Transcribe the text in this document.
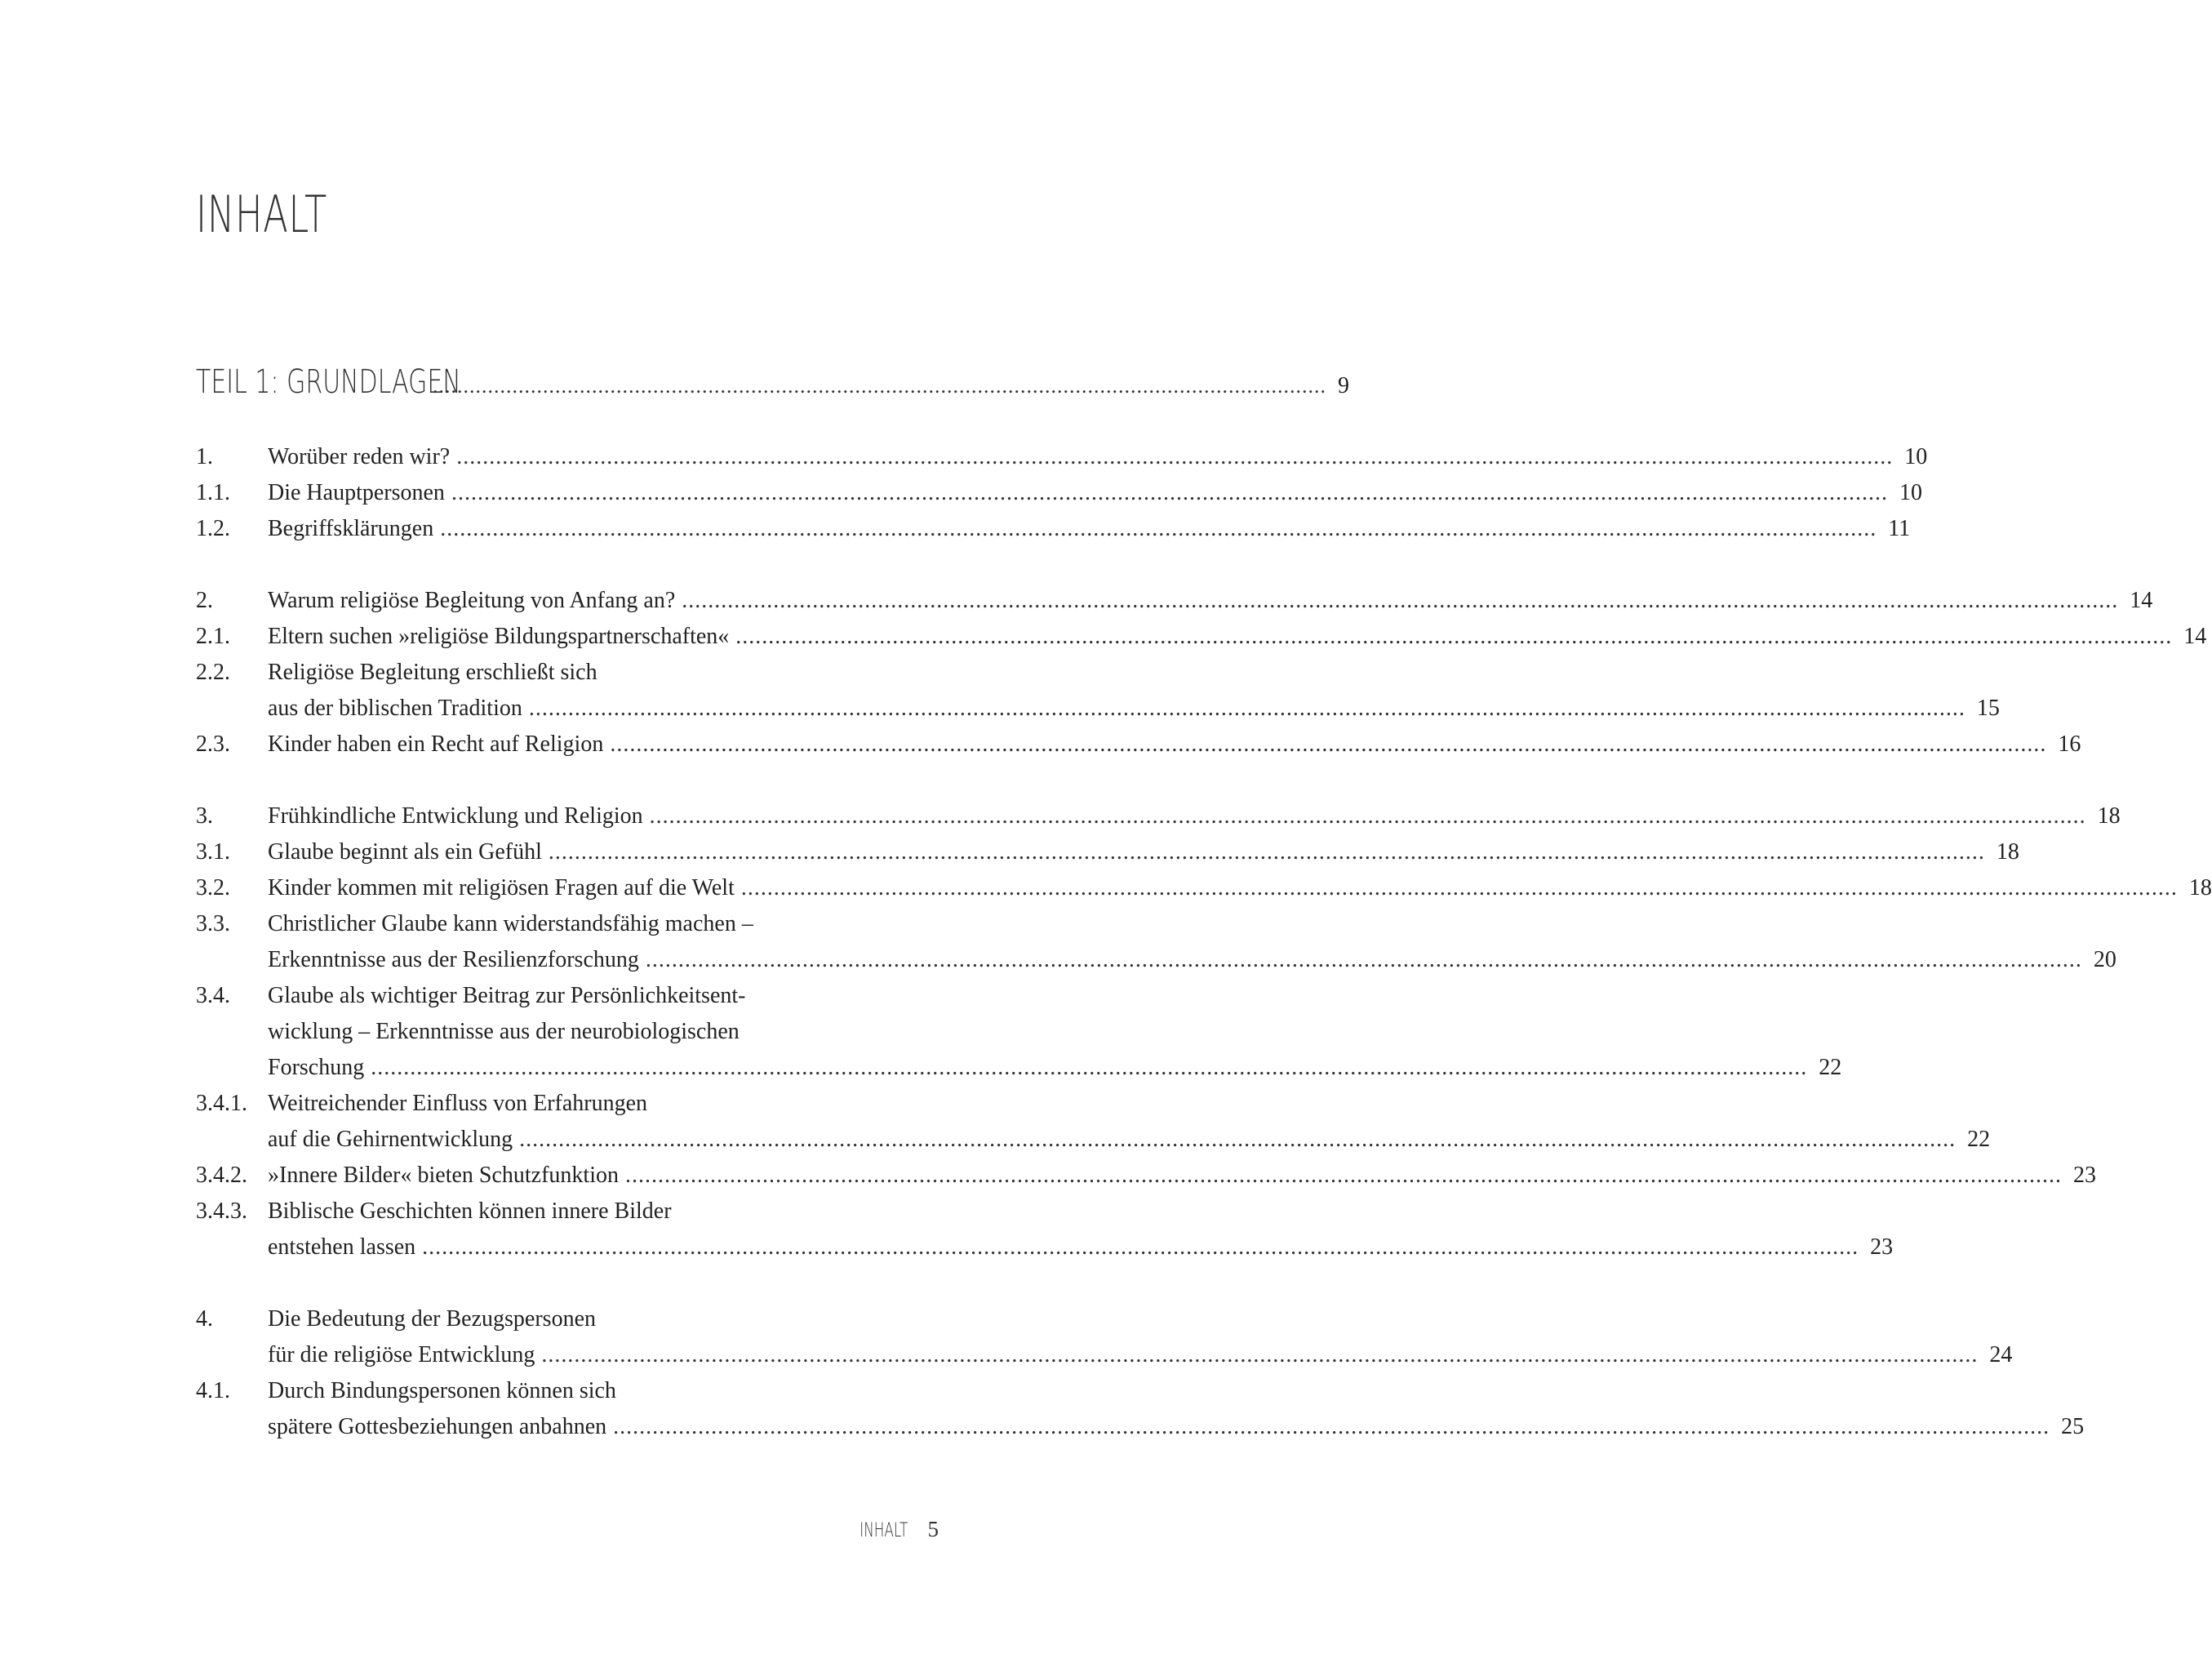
INHALT
TEIL 1: GRUNDLAGEN
.................................................................................................................................................. 9
1. Worüber reden wir? ............................................................................................................................................................................................................................ 10
1.1. Die Hauptpersonen ............................................................................................................................................................................................................................ 10
1.2. Begriffsklärungen ............................................................................................................................................................................................................................ 11
2. Warum religiöse Begleitung von Anfang an? ............................................................................................................................................................................................................................ 14
2.1. Eltern suchen »religiöse Bildungspartnerschaften« ............................................................................................................................................................................................................................ 14
2.2. Religiöse Begleitung erschließt sich
aus der biblischen Tradition ............................................................................................................................................................................................................................ 15
2.3. Kinder haben ein Recht auf Religion ............................................................................................................................................................................................................................ 16
3. Frühkindliche Entwicklung und Religion ............................................................................................................................................................................................................................ 18
3.1. Glaube beginnt als ein Gefühl ............................................................................................................................................................................................................................ 18
3.2. Kinder kommen mit religiösen Fragen auf die Welt ............................................................................................................................................................................................................................ 18
3.3. Christlicher Glaube kann widerstandsfähig machen –
Erkenntnisse aus der Resilienzforschung ............................................................................................................................................................................................................................ 20
3.4. Glaube als wichtiger Beitrag zur Persönlichkeitsent-
wicklung – Erkenntnisse aus der neurobiologischen
Forschung ............................................................................................................................................................................................................................ 22
3.4.1. Weitreichender Einfluss von Erfahrungen
auf die Gehirnentwicklung ............................................................................................................................................................................................................................ 22
3.4.2. »Innere Bilder« bieten Schutzfunktion ............................................................................................................................................................................................................................ 23
3.4.3. Biblische Geschichten können innere Bilder
entstehen lassen ............................................................................................................................................................................................................................ 23
4. Die Bedeutung der Bezugspersonen
für die religiöse Entwicklung ............................................................................................................................................................................................................................ 24
4.1. Durch Bindungspersonen können sich
spätere Gottesbeziehungen anbahnen ............................................................................................................................................................................................................................ 25
INHALT 5
